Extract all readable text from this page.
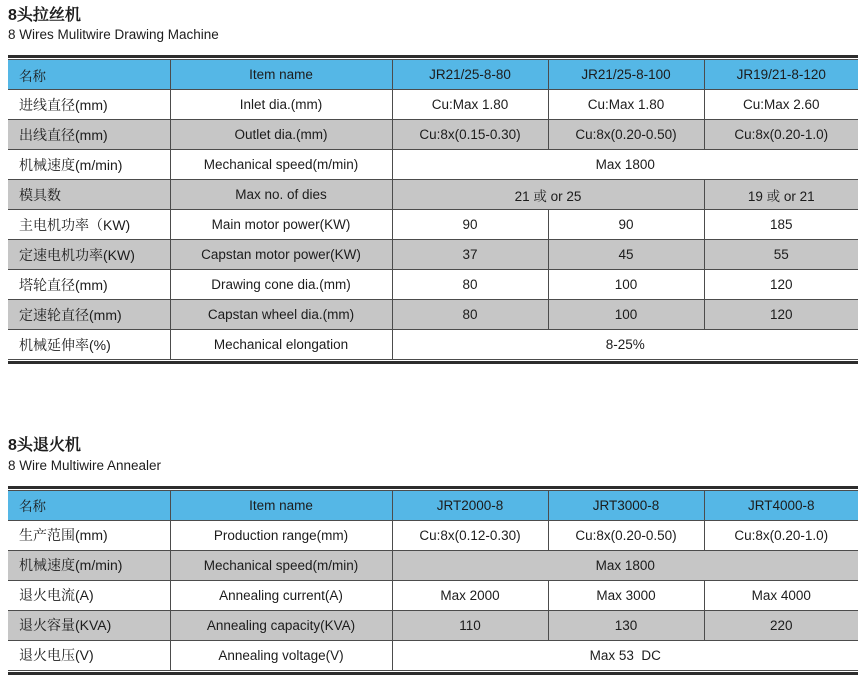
8头拉丝机
8 Wires Mulitwire Drawing Machine
名称	Item name	JR21/25-8-80	JR21/25-8-100	JR19/21-8-120
进线直径(mm)	Inlet dia.(mm)	Cu:Max 1.80	Cu:Max 1.80	Cu:Max 2.60
出线直径(mm)	Outlet dia.(mm)	Cu:8x(0.15-0.30)	Cu:8x(0.20-0.50)	Cu:8x(0.20-1.0)
机械速度(m/min)	Mechanical speed(m/min)	Max 1800		
模具数	Max no. of dies	21 或 or 25		19 或 or 21
主电机功率（KW)	Main motor power(KW)	90	90	185
定速电机功率(KW)	Capstan motor power(KW)	37	45	55
塔轮直径(mm)	Drawing cone dia.(mm)	80	100	120
定速轮直径(mm)	Capstan wheel dia.(mm)	80	100	120
机械延伸率(%)	Mechanical elongation	8-25%		
8头退火机
8 Wire Multiwire Annealer
名称	Item name	JRT2000-8	JRT3000-8	JRT4000-8
生产范围(mm)	Production range(mm)	Cu:8x(0.12-0.30)	Cu:8x(0.20-0.50)	Cu:8x(0.20-1.0)
机械速度(m/min)	Mechanical speed(m/min)	Max 1800		
退火电流(A)	Annealing current(A)	Max 2000	Max 3000	Max 4000
退火容量(KVA)	Annealing capacity(KVA)	110	130	220
退火电压(V)	Annealing voltage(V)	Max 53  DC		
